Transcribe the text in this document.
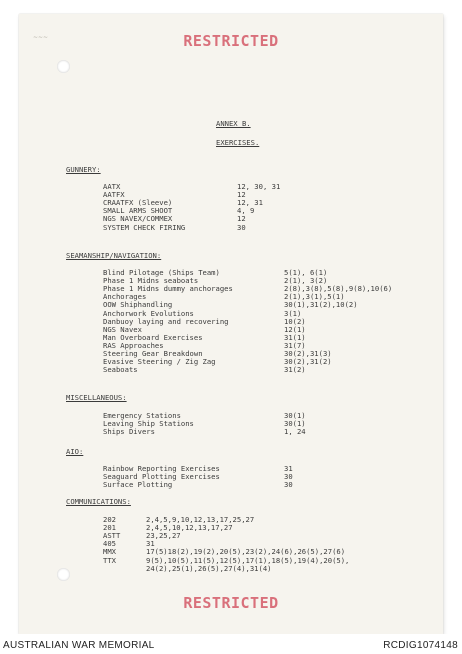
~~~	RESTRICTED
ANNEX B.
EXERCISES.
GUNNERY:
AATX	12, 30, 31
AATFX	12
CRAATFX (Sleeve)	12, 31
SMALL ARMS SHOOT	4, 9
NGS NAVEX/COMMEX	12
SYSTEM CHECK FIRING	30
SEAMANSHIP/NAVIGATION:
Blind Pilotage (Ships Team)	5(1), 6(1)
Phase 1 Midns seaboats	2(1), 3(2)
Phase 1 Midns dummy anchorages	2(8),3(8),5(8),9(8),10(6)
Anchorages	2(1),3(1),5(1)
OOW Shiphandling	30(1),31(2),10(2)
Anchorwork Evolutions	3(1)
Danbuoy laying and recovering	10(2)
NGS Navex	12(1)
Man Overboard Exercises	31(1)
RAS Approaches	31(7)
Steering Gear Breakdown	30(2),31(3)
Evasive Steering / Zig Zag	30(2),31(2)
Seaboats	31(2)
MISCELLANEOUS:
Emergency Stations	30(1)
Leaving Ship Stations	30(1)
Ships Divers	1, 24
AIO:
Rainbow Reporting Exercises	31
Seaguard Plotting Exercises	30
Surface Plotting	30
COMMUNICATIONS:
202	2,4,5,9,10,12,13,17,25,27
201	2,4,5,10,12,13,17,27
ASTT	23,25,27
405	31
MMX	17(5)18(2),19(2),20(5),23(2),24(6),26(5),27(6)
TTX	9(5),10(5),11(5),12(5),17(1),18(5),19(4),20(5),
24(2),25(1),26(5),27(4),31(4)
RESTRICTED
AUSTRALIAN WAR MEMORIAL	RCDIG1074148
